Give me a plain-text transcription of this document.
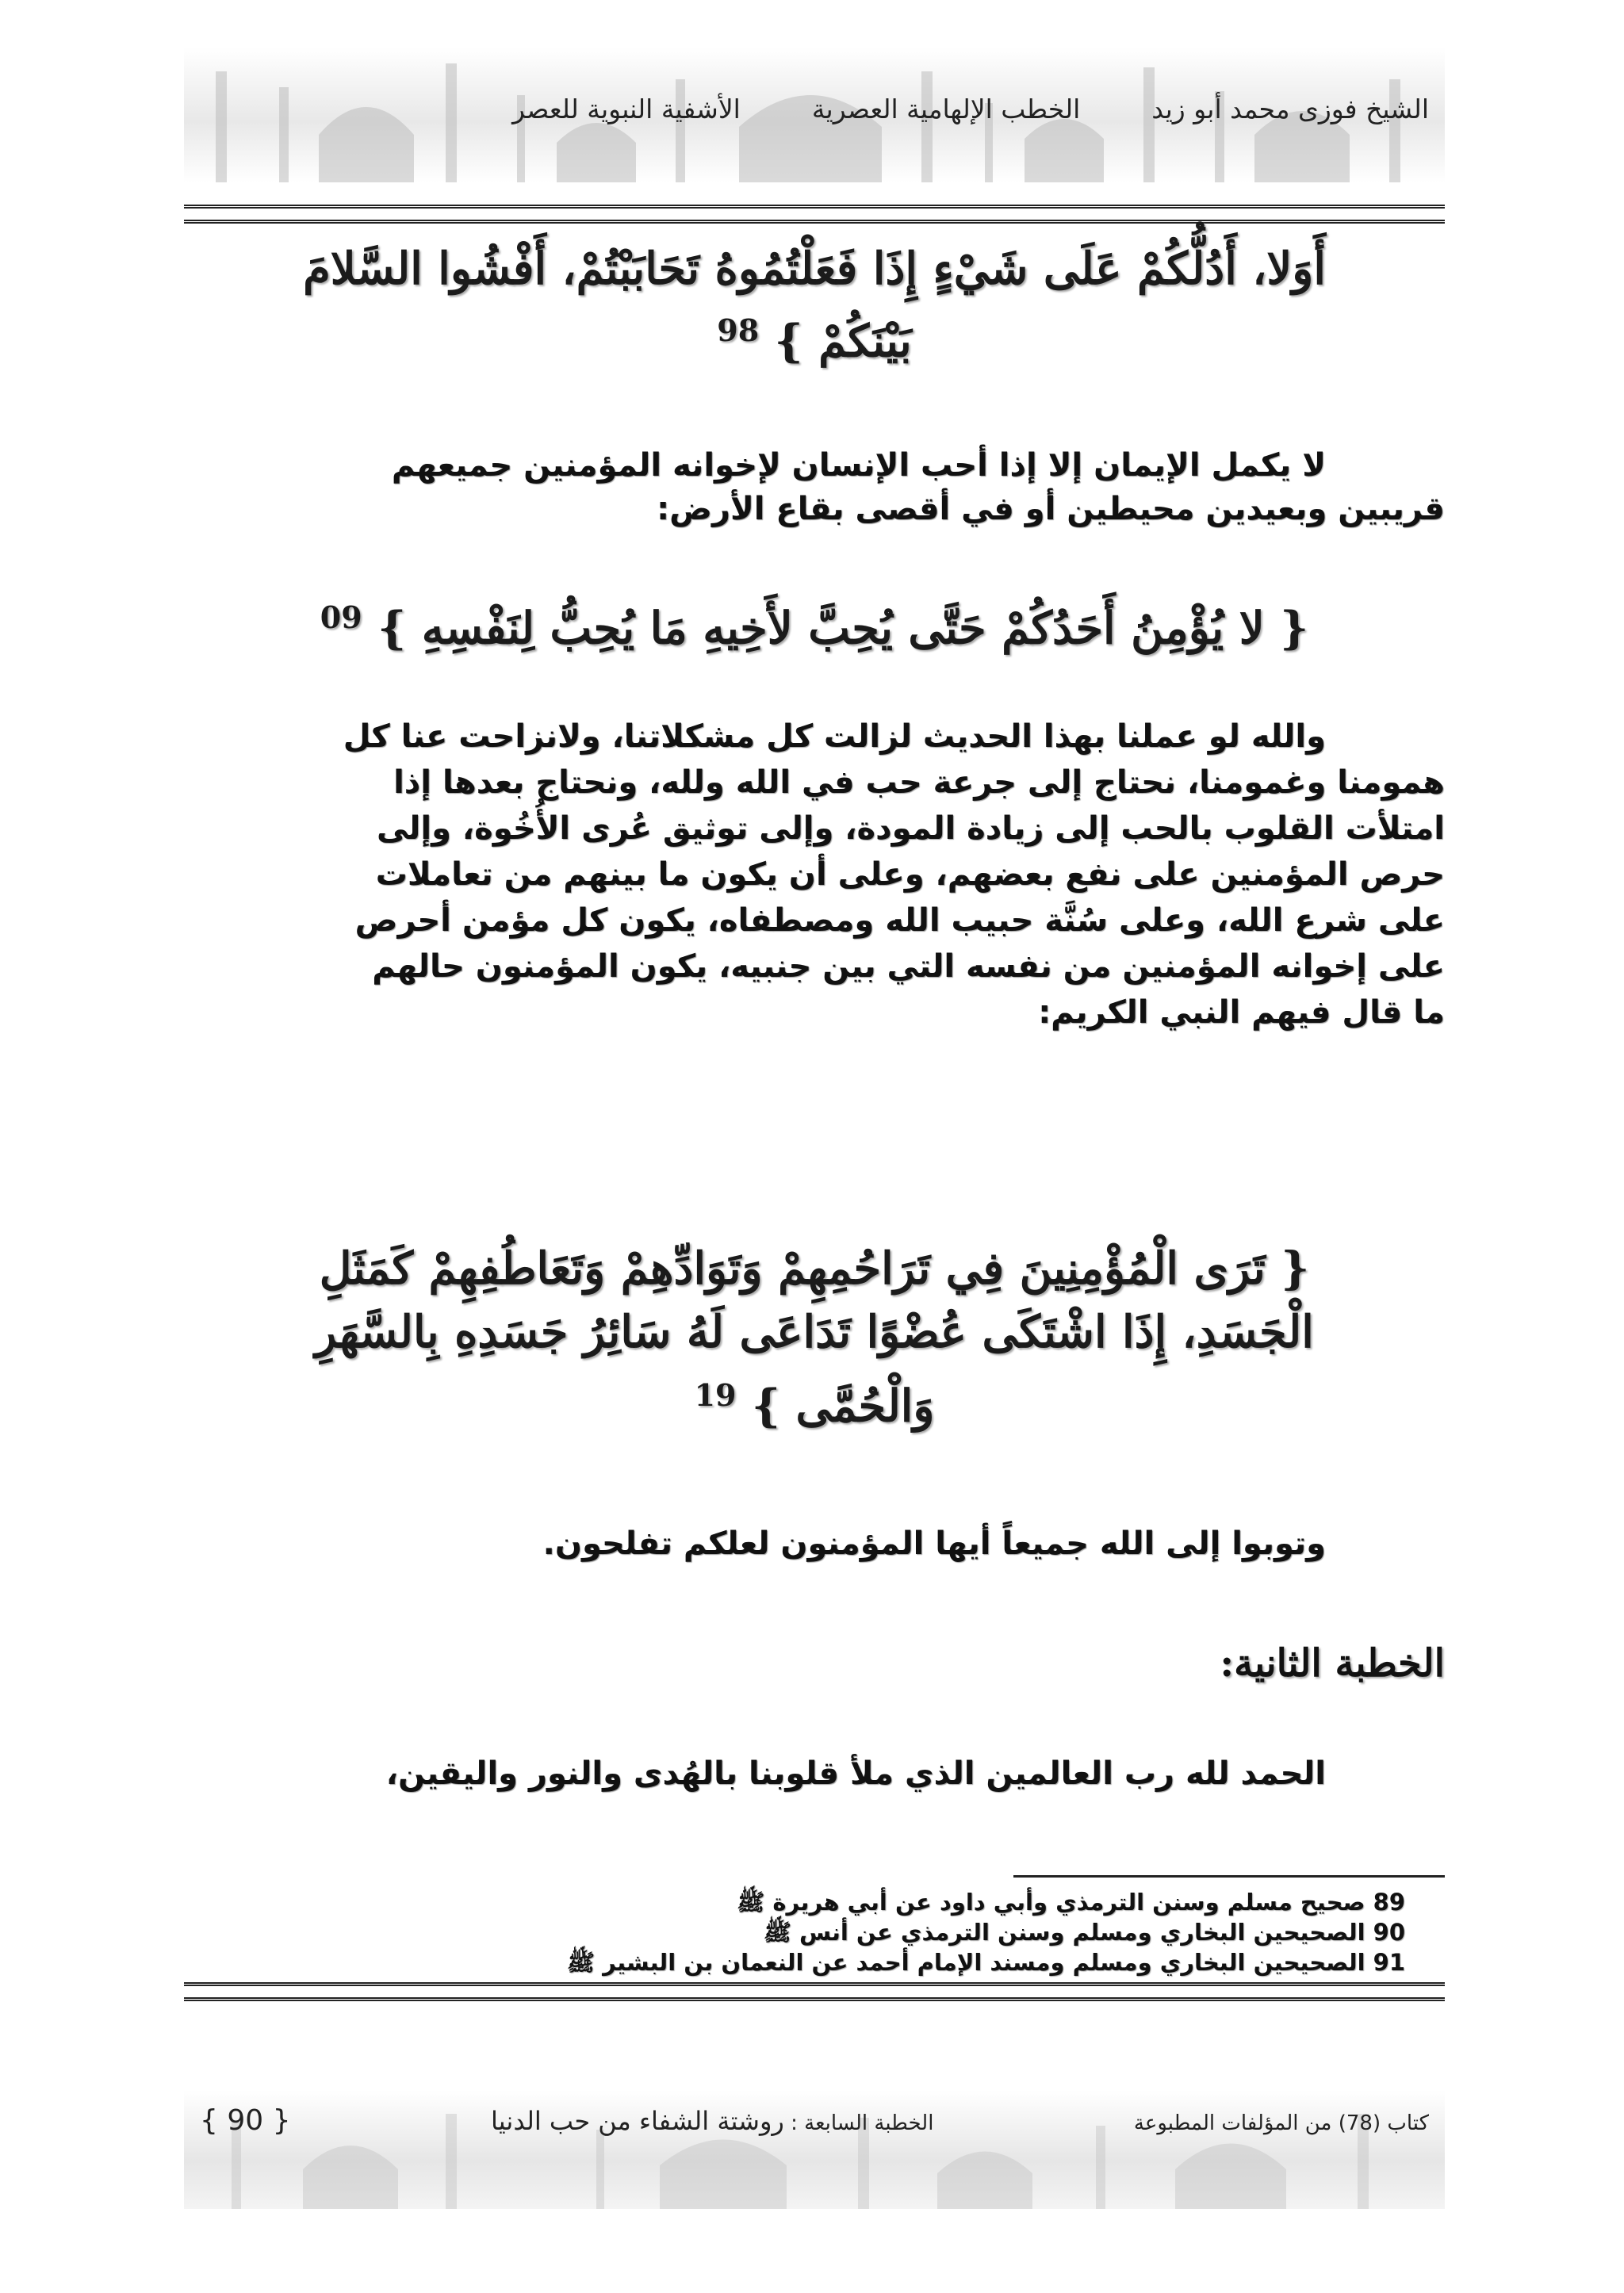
الشيخ فوزى محمد أبو زيد
الخطب الإلهامية العصرية
الأشفية النبوية للعصر
أَوَلا، أَدُلُّكُمْ عَلَى شَيْءٍ إِذَا فَعَلْتُمُوهُ تَحَابَبْتُمْ، أَفْشُوا السَّلامَ
بَيْنَكُمْ } $^{98}$
لا يكمل الإيمان إلا إذا أحب الإنسان لإخوانه المؤمنين جميعهم
قريبين وبعيدين محيطين أو في أقصى بقاع الأرض:
{ لا يُؤْمِنُ أَحَدُكُمْ حَتَّى يُحِبَّ لأَخِيهِ مَا يُحِبُّ لِنَفْسِهِ } $^{09}$
والله لو عملنا بهذا الحديث لزالت كل مشكلاتنا، ولانزاحت عنا كل
همومنا وغمومنا، نحتاج إلى جرعة حب في الله ولله، ونحتاج بعدها إذا
امتلأت القلوب بالحب إلى زيادة المودة، وإلى توثيق عُرى الأُخُوة، وإلى
حرص المؤمنين على نفع بعضهم، وعلى أن يكون ما بينهم من تعاملات
على شرع الله، وعلى سُنَّة حبيب الله ومصطفاه، يكون كل مؤمن أحرص
على إخوانه المؤمنين من نفسه التي بين جنبيه، يكون المؤمنون حالهم
ما قال فيهم النبي الكريم:
{ تَرَى الْمُؤْمِنِينَ فِي تَرَاحُمِهِمْ وَتَوَادِّهِمْ وَتَعَاطُفِهِمْ كَمَثَلِ
الْجَسَدِ، إِذَا اشْتَكَى عُضْوًا تَدَاعَى لَهُ سَائِرُ جَسَدِهِ بِالسَّهَرِ
وَالْحُمَّى } $^{19}$
وتوبوا إلى الله جميعاً أيها المؤمنون لعلكم تفلحون.
الخطبة الثانية:
الحمد لله رب العالمين الذي ملأ قلوبنا بالهُدى والنور واليقين،
89 صحيح مسلم وسنن الترمذي وأبي داود عن أبي هريرة ﷺ
90 الصحيحين البخاري ومسلم وسنن الترمذي عن أنس ﷺ
91 الصحيحين البخاري ومسلم ومسند الإمام أحمد عن النعمان بن البشير ﷺ
كتاب (78) من المؤلفات المطبوعة
الخطبة السابعة : روشتة الشفاء من حب الدنيا
{ 90 }
